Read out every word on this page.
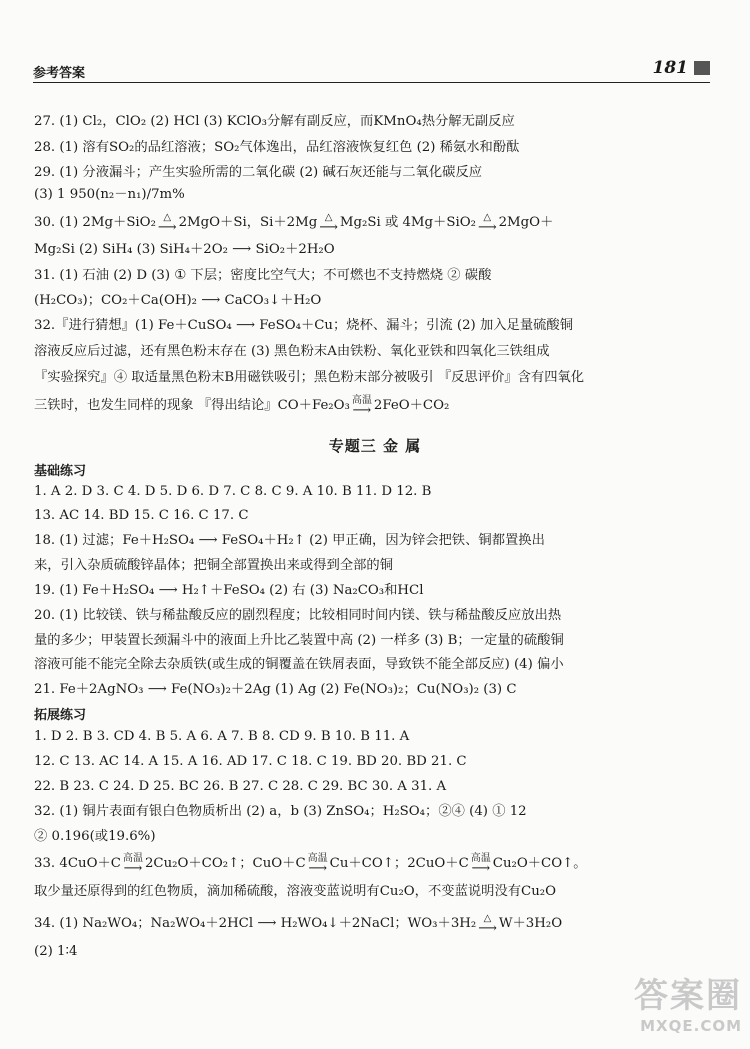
参考答案	181
27. (1) Cl₂，ClO₂ (2) HCl (3) KClO₃分解有副反应，而KMnO₄热分解无副反应
28. (1) 溶有SO₂的品红溶液；SO₂气体逸出，品红溶液恢复红色 (2) 稀氨水和酚酞
29. (1) 分液漏斗；产生实验所需的二氧化碳 (2) 碱石灰还能与二氧化碳反应
(3) 1 950(n₂－n₁)/7m%
30. (1) 2Mg＋SiO₂ △
⟶ 2MgO＋Si，Si＋2Mg △
⟶ Mg₂Si 或 4Mg＋SiO₂ △
⟶ 2MgO＋
Mg₂Si (2) SiH₄ (3) SiH₄＋2O₂ ⟶ SiO₂＋2H₂O
31. (1) 石油 (2) D (3) ① 下层；密度比空气大；不可燃也不支持燃烧 ② 碳酸
(H₂CO₃)；CO₂＋Ca(OH)₂ ⟶ CaCO₃↓＋H₂O
32.『进行猜想』(1) Fe＋CuSO₄ ⟶ FeSO₄＋Cu；烧杯、漏斗；引流 (2) 加入足量硫酸铜
溶液反应后过滤，还有黑色粉末存在 (3) 黑色粉末A由铁粉、氧化亚铁和四氧化三铁组成
『实验探究』④ 取适量黑色粉末B用磁铁吸引；黑色粉末部分被吸引 『反思评价』含有四氧化
三铁时，也发生同样的现象 『得出结论』CO＋Fe₂O₃ 高温
⟶ 2FeO＋CO₂
专题三 金 属
基础练习
1. A 2. D 3. C 4. D 5. D 6. D 7. C 8. C 9. A 10. B 11. D 12. B
13. AC 14. BD 15. C 16. C 17. C
18. (1) 过滤；Fe＋H₂SO₄ ⟶ FeSO₄＋H₂↑ (2) 甲正确，因为锌会把铁、铜都置换出
来，引入杂质硫酸锌晶体；把铜全部置换出来或得到全部的铜
19. (1) Fe＋H₂SO₄ ⟶ H₂↑＋FeSO₄ (2) 右 (3) Na₂CO₃和HCl
20. (1) 比较镁、铁与稀盐酸反应的剧烈程度；比较相同时间内镁、铁与稀盐酸反应放出热
量的多少；甲装置长颈漏斗中的液面上升比乙装置中高 (2) 一样多 (3) B；一定量的硫酸铜
溶液可能不能完全除去杂质铁(或生成的铜覆盖在铁屑表面，导致铁不能全部反应) (4) 偏小
21. Fe＋2AgNO₃ ⟶ Fe(NO₃)₂＋2Ag (1) Ag (2) Fe(NO₃)₂；Cu(NO₃)₂ (3) C
拓展练习
1. D 2. B 3. CD 4. B 5. A 6. A 7. B 8. CD 9. B 10. B 11. A
12. C 13. AC 14. A 15. A 16. AD 17. C 18. C 19. BD 20. BD 21. C
22. B 23. C 24. D 25. BC 26. B 27. C 28. C 29. BC 30. A 31. A
32. (1) 铜片表面有银白色物质析出 (2) a，b (3) ZnSO₄；H₂SO₄；②④ (4) ① 12
② 0.196(或19.6%)
33. 4CuO＋C 高温
⟶ 2Cu₂O＋CO₂↑；CuO＋C 高温
⟶ Cu＋CO↑；2CuO＋C 高温
⟶ Cu₂O＋CO↑。
取少量还原得到的红色物质，滴加稀硫酸，溶液变蓝说明有Cu₂O，不变蓝说明没有Cu₂O
34. (1) Na₂WO₄；Na₂WO₄＋2HCl ⟶ H₂WO₄↓＋2NaCl；WO₃＋3H₂ △
⟶ W＋3H₂O
(2) 1∶4
答案圈
MXQE.COM
